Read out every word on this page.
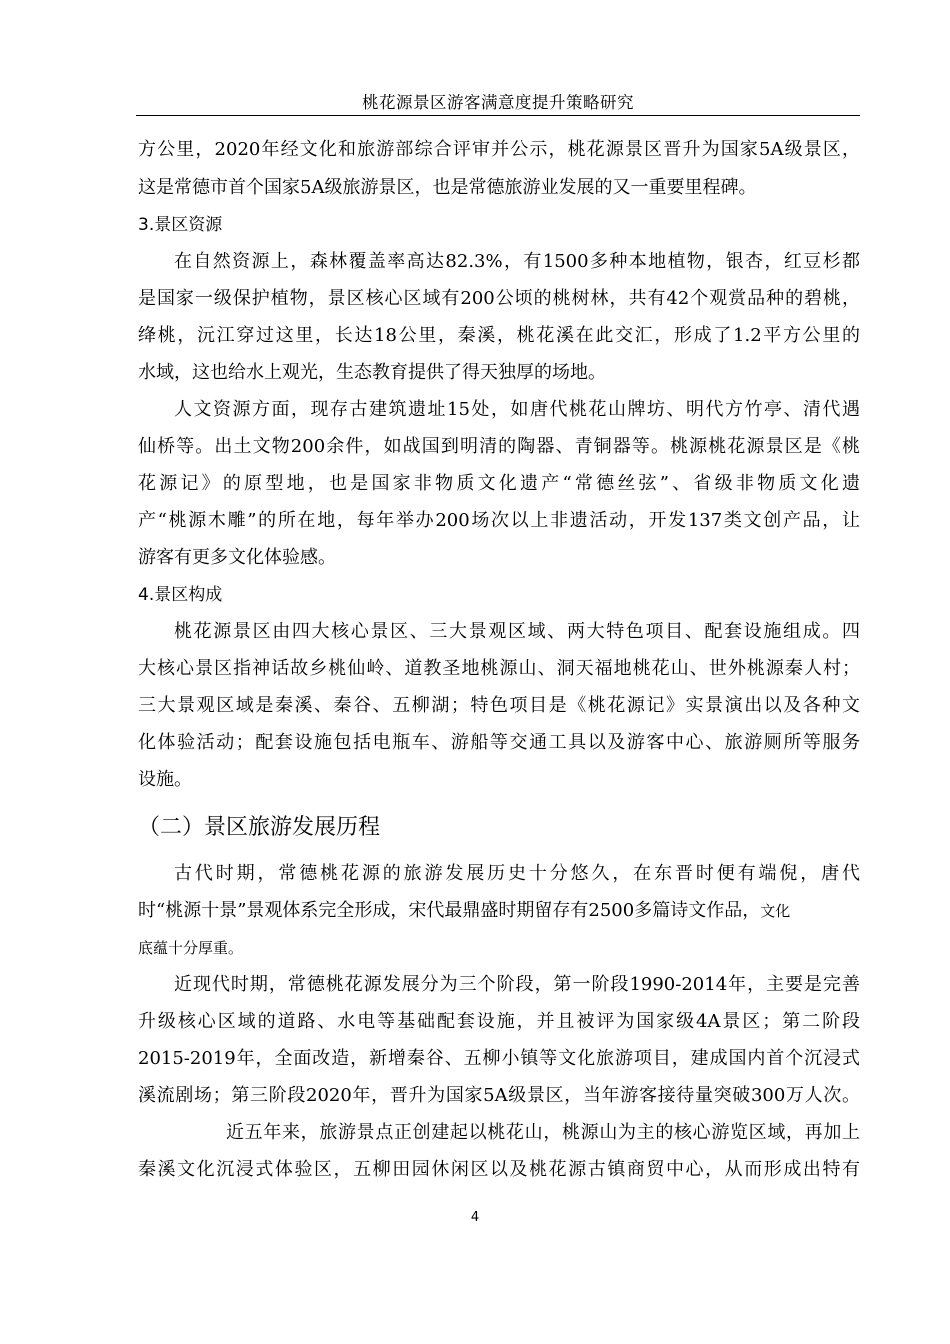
桃花源景区游客满意度提升策略研究
方公里，2020年经文化和旅游部综合评审并公示，桃花源景区晋升为国家5A级景区，
这是常德市首个国家5A级旅游景区，也是常德旅游业发展的又一重要里程碑。
3.景区资源
在自然资源上，森林覆盖率高达82.3%，有1500多种本地植物，银杏，红豆杉都
是国家一级保护植物，景区核心区域有200公顷的桃树林，共有42个观赏品种的碧桃，
绛桃，沅江穿过这里，长达18公里，秦溪，桃花溪在此交汇，形成了1.2平方公里的
水域，这也给水上观光，生态教育提供了得天独厚的场地。
人文资源方面，现存古建筑遗址15处，如唐代桃花山牌坊、明代方竹亭、清代遇
仙桥等。出土文物200余件，如战国到明清的陶器、青铜器等。桃源桃花源景区是《桃
花源记》的原型地，也是国家非物质文化遗产“常德丝弦”、省级非物质文化遗
产“桃源木雕”的所在地，每年举办200场次以上非遗活动，开发137类文创产品，让
游客有更多文化体验感。
4.景区构成
桃花源景区由四大核心景区、三大景观区域、两大特色项目、配套设施组成。四
大核心景区指神话故乡桃仙岭、道教圣地桃源山、洞天福地桃花山、世外桃源秦人村；
三大景观区域是秦溪、秦谷、五柳湖；特色项目是《桃花源记》实景演出以及各种文
化体验活动；配套设施包括电瓶车、游船等交通工具以及游客中心、旅游厕所等服务
设施。
（二）景区旅游发展历程
古代时期，常德桃花源的旅游发展历史十分悠久，在东晋时便有端倪，唐代
时“桃源十景”景观体系完全形成，宋代最鼎盛时期留存有2500多篇诗文作品，文化
底蕴十分厚重。
近现代时期，常德桃花源发展分为三个阶段，第一阶段1990-2014年，主要是完善
升级核心区域的道路、水电等基础配套设施，并且被评为国家级4A景区；第二阶段
2015-2019年，全面改造，新增秦谷、五柳小镇等文化旅游项目，建成国内首个沉浸式
溪流剧场；第三阶段2020年，晋升为国家5A级景区，当年游客接待量突破300万人次。
近五年来，旅游景点正创建起以桃花山，桃源山为主的核心游览区域，再加上
秦溪文化沉浸式体验区，五柳田园休闲区以及桃花源古镇商贸中心，从而形成出特有
4
